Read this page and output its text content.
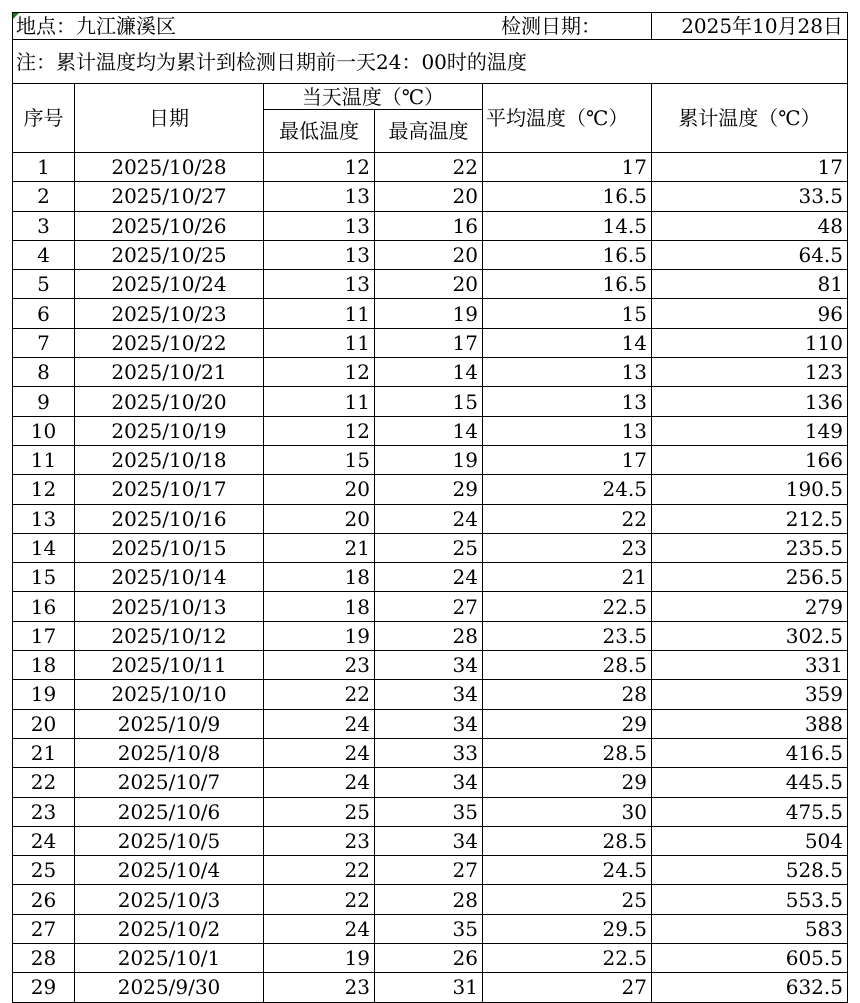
地点：九江濂溪区				检测日期：	2025年10月28日
注：累计温度均为累计到检测日期前一天24：00时的温度					
序号	日期	当天温度（℃）		平均温度（℃）	累计温度（℃）
		最低温度	最高温度		
1	2025/10/28	12	22	17	17
2	2025/10/27	13	20	16.5	33.5
3	2025/10/26	13	16	14.5	48
4	2025/10/25	13	20	16.5	64.5
5	2025/10/24	13	20	16.5	81
6	2025/10/23	11	19	15	96
7	2025/10/22	11	17	14	110
8	2025/10/21	12	14	13	123
9	2025/10/20	11	15	13	136
10	2025/10/19	12	14	13	149
11	2025/10/18	15	19	17	166
12	2025/10/17	20	29	24.5	190.5
13	2025/10/16	20	24	22	212.5
14	2025/10/15	21	25	23	235.5
15	2025/10/14	18	24	21	256.5
16	2025/10/13	18	27	22.5	279
17	2025/10/12	19	28	23.5	302.5
18	2025/10/11	23	34	28.5	331
19	2025/10/10	22	34	28	359
20	2025/10/9	24	34	29	388
21	2025/10/8	24	33	28.5	416.5
22	2025/10/7	24	34	29	445.5
23	2025/10/6	25	35	30	475.5
24	2025/10/5	23	34	28.5	504
25	2025/10/4	22	27	24.5	528.5
26	2025/10/3	22	28	25	553.5
27	2025/10/2	24	35	29.5	583
28	2025/10/1	19	26	22.5	605.5
29	2025/9/30	23	31	27	632.5
